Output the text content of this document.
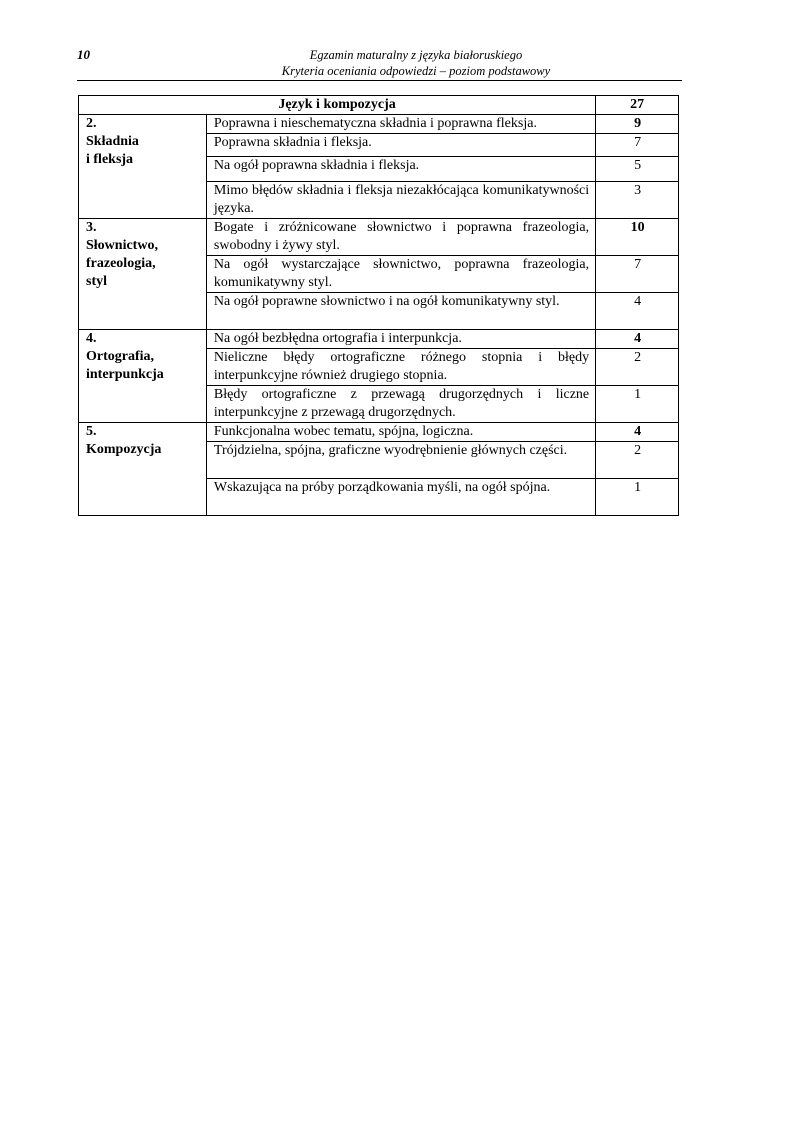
10	Egzamin maturalny z języka białoruskiego
Kryteria oceniania odpowiedzi – poziom podstawowy
Język i kompozycja		27

2.
Składnia
i fleksja	Poprawna i nieschematyczna składnia i poprawna fleksja.	9
	Poprawna składnia i fleksja.	7
	Na ogół poprawna składnia i fleksja.	5
	Mimo błędów składnia i fleksja niezakłócająca komunikatywności języka.	3

3.
Słownictwo,
frazeologia,
styl	Bogate i zróżnicowane słownictwo i poprawna frazeologia, swobodny i żywy styl.	10
	Na ogół wystarczające słownictwo, poprawna frazeologia, komunikatywny styl.	7
	Na ogół poprawne słownictwo i na ogół komunikatywny styl.	4

4.
Ortografia,
interpunkcja	Na ogół bezbłędna ortografia i interpunkcja.	4
	Nieliczne błędy ortograficzne różnego stopnia i błędy interpunkcyjne również drugiego stopnia.	2
	Błędy ortograficzne z przewagą drugorzędnych i liczne interpunkcyjne z przewagą drugorzędnych.	1

5.
Kompozycja	Funkcjonalna wobec tematu, spójna, logiczna.	4
	Trójdzielna, spójna, graficzne wyodrębnienie głównych części.	2
	Wskazująca na próby porządkowania myśli, na ogół spójna.	1
